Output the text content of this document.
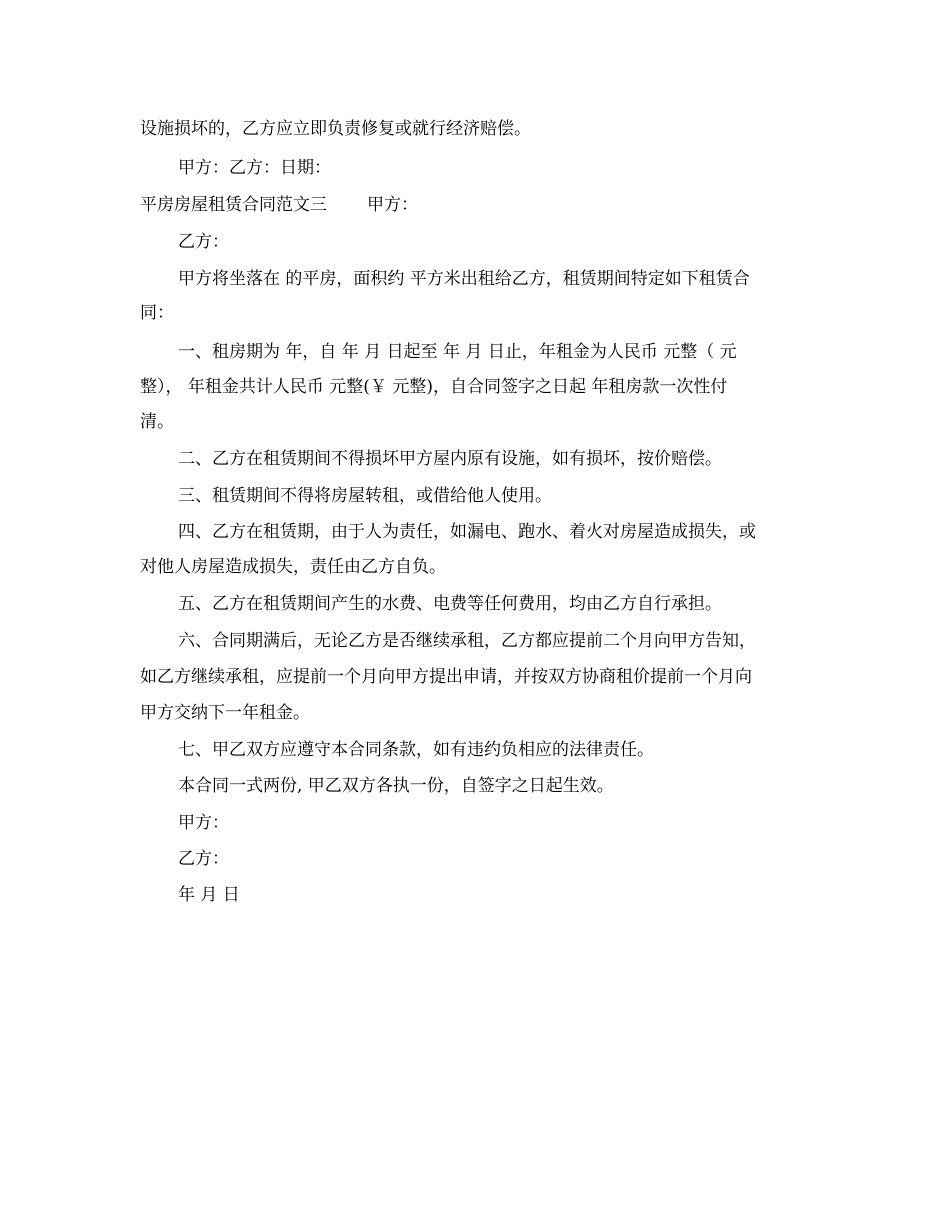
设施损坏的，乙方应立即负责修复或就行经济赔偿。
甲方：乙方：日期：
平房房屋租赁合同范文三 甲方：
乙方：
甲方将坐落在 的平房，面积约 平方米出租给乙方，租赁期间特定如下租赁合
同：
一、租房期为 年，自 年 月 日起至 年 月 日止，年租金为人民币 元整（ 元
整）， 年租金共计人民币 元整(￥ 元整)，自合同签字之日起 年租房款一次性付
清。
二、乙方在租赁期间不得损坏甲方屋内原有设施，如有损坏，按价赔偿。
三、租赁期间不得将房屋转租，或借给他人使用。
四、乙方在租赁期，由于人为责任，如漏电、跑水、着火对房屋造成损失，或
对他人房屋造成损失，责任由乙方自负。
五、乙方在租赁期间产生的水费、电费等任何费用，均由乙方自行承担。
六、合同期满后，无论乙方是否继续承租，乙方都应提前二个月向甲方告知，
如乙方继续承租，应提前一个月向甲方提出申请，并按双方协商租价提前一个月向
甲方交纳下一年租金。
七、甲乙双方应遵守本合同条款，如有违约负相应的法律责任。
本合同一式两份, 甲乙双方各执一份，自签字之日起生效。
甲方：
乙方：
年 月 日
